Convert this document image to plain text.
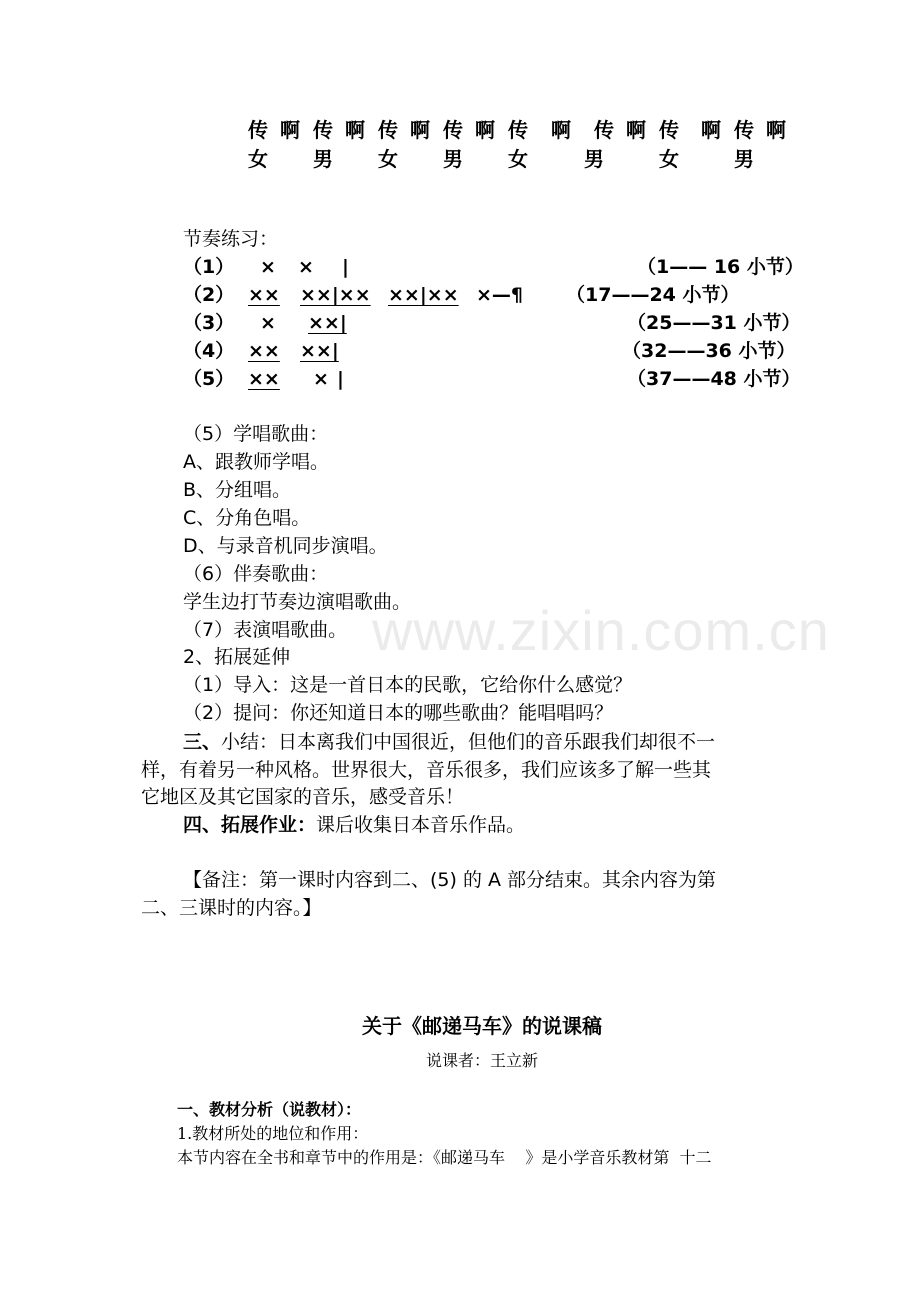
传 啊 传 啊 传 啊 传 啊 传 啊 传 啊 传 啊 传 啊
女 男 女 男 女	男	女	男
节奏练习：
（1） × × |	（1—— 16 小节）
（2） ×× ××|×× ××|×× ×—¶ （17——24 小节）
（3） × ××|	（25——31 小节）
（4） ×× ××|	（32——36 小节）
（5） ×× × |	（37——48 小节）
（5）学唱歌曲：
A、跟教师学唱。
B、分组唱。
C、分角色唱。
D、与录音机同步演唱。
（6）伴奏歌曲：
学生边打节奏边演唱歌曲。
（7）表演唱歌曲。
2、拓展延伸
（1）导入：这是一首日本的民歌，它给你什么感觉？
（2）提问：你还知道日本的哪些歌曲？能唱唱吗？
三、小结：日本离我们中国很近，但他们的音乐跟我们却很不一
样，有着另一种风格。世界很大，音乐很多，我们应该多了解一些其
它地区及其它国家的音乐，感受音乐！
四、拓展作业：课后收集日本音乐作品。
【备注：第一课时内容到二、(5) 的 A 部分结束。其余内容为第
二、三课时的内容。】
www.zixin.com.cn
关于《邮递马车》的说课稿
说课者：王立新
一、教材分析（说教材）：
1.教材所处的地位和作用：
本节内容在全书和章节中的作用是：《邮递马车    》是小学音乐教材第  十二
